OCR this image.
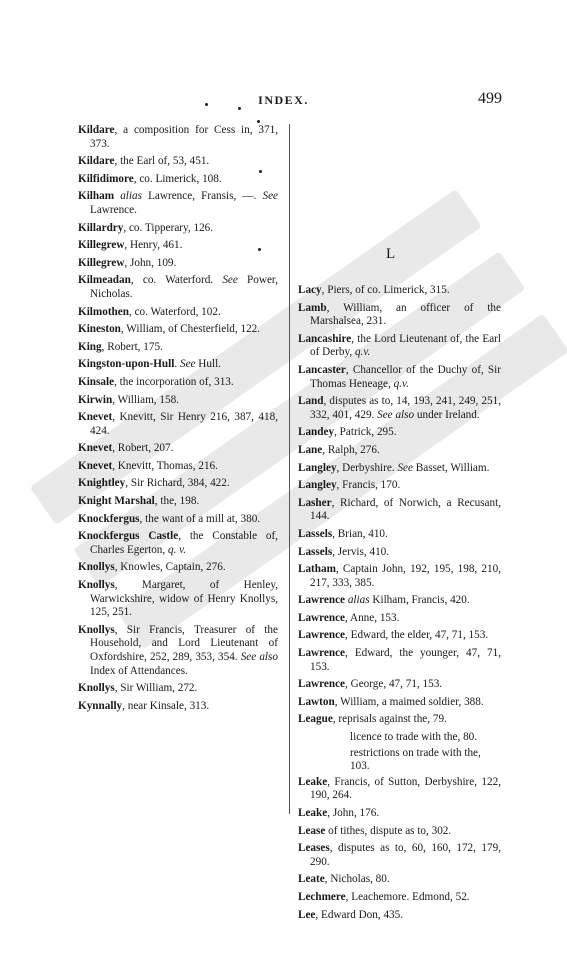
INDEX.	499
L
Kildare, a composition for Cess in, 371, 373.
Kildare, the Earl of, 53, 451.
Kilfidimore, co. Limerick, 108.
Kilham alias Lawrence, Fransis, —. See Lawrence.
Killardry, co. Tipperary, 126.
Killegrew, Henry, 461.
Killegrew, John, 109.
Kilmeadan, co. Waterford. See Power, Nicholas.
Kilmothen, co. Waterford, 102.
Kineston, William, of Chesterfield, 122.
King, Robert, 175.
Kingston-upon-Hull. See Hull.
Kinsale, the incorporation of, 313.
Kirwin, William, 158.
Knevet, Knevitt, Sir Henry 216, 387, 418, 424.
Knevet, Robert, 207.
Knevet, Knevitt, Thomas, 216.
Knightley, Sir Richard, 384, 422.
Knight Marshal, the, 198.
Knockfergus, the want of a mill at, 380.
Knockfergus Castle, the Constable of, Charles Egerton, q. v.
Knollys, Knowles, Captain, 276.
Knollys, Margaret, of Henley, Warwickshire, widow of Henry Knollys, 125, 251.
Knollys, Sir Francis, Treasurer of the Household, and Lord Lieutenant of Oxfordshire, 252, 289, 353, 354. See also Index of Attendances.
Knollys, Sir William, 272.
Kynnally, near Kinsale, 313.
Lacy, Piers, of co. Limerick, 315.
Lamb, William, an officer of the Marshalsea, 231.
Lancashire, the Lord Lieutenant of, the Earl of Derby, q.v.
Lancaster, Chancellor of the Duchy of, Sir Thomas Heneage, q.v.
Land, disputes as to, 14, 193, 241, 249, 251, 332, 401, 429. See also under Ireland.
Landey, Patrick, 295.
Lane, Ralph, 276.
Langley, Derbyshire. See Basset, William.
Langley, Francis, 170.
Lasher, Richard, of Norwich, a Recusant, 144.
Lassels, Brian, 410.
Lassels, Jervis, 410.
Latham, Captain John, 192, 195, 198, 210, 217, 333, 385.
Lawrence alias Kilham, Francis, 420.
Lawrence, Anne, 153.
Lawrence, Edward, the elder, 47, 71, 153.
Lawrence, Edward, the younger, 47, 71, 153.
Lawrence, George, 47, 71, 153.
Lawton, William, a maimed soldier, 388.
League, reprisals against the, 79.
licence to trade with the, 80.
restrictions on trade with the, 103.
Leake, Francis, of Sutton, Derbyshire, 122, 190, 264.
Leake, John, 176.
Lease of tithes, dispute as to, 302.
Leases, disputes as to, 60, 160, 172, 179, 290.
Leate, Nicholas, 80.
Lechmere, Leachemore. Edmond, 52.
Lee, Edward Don, 435.
